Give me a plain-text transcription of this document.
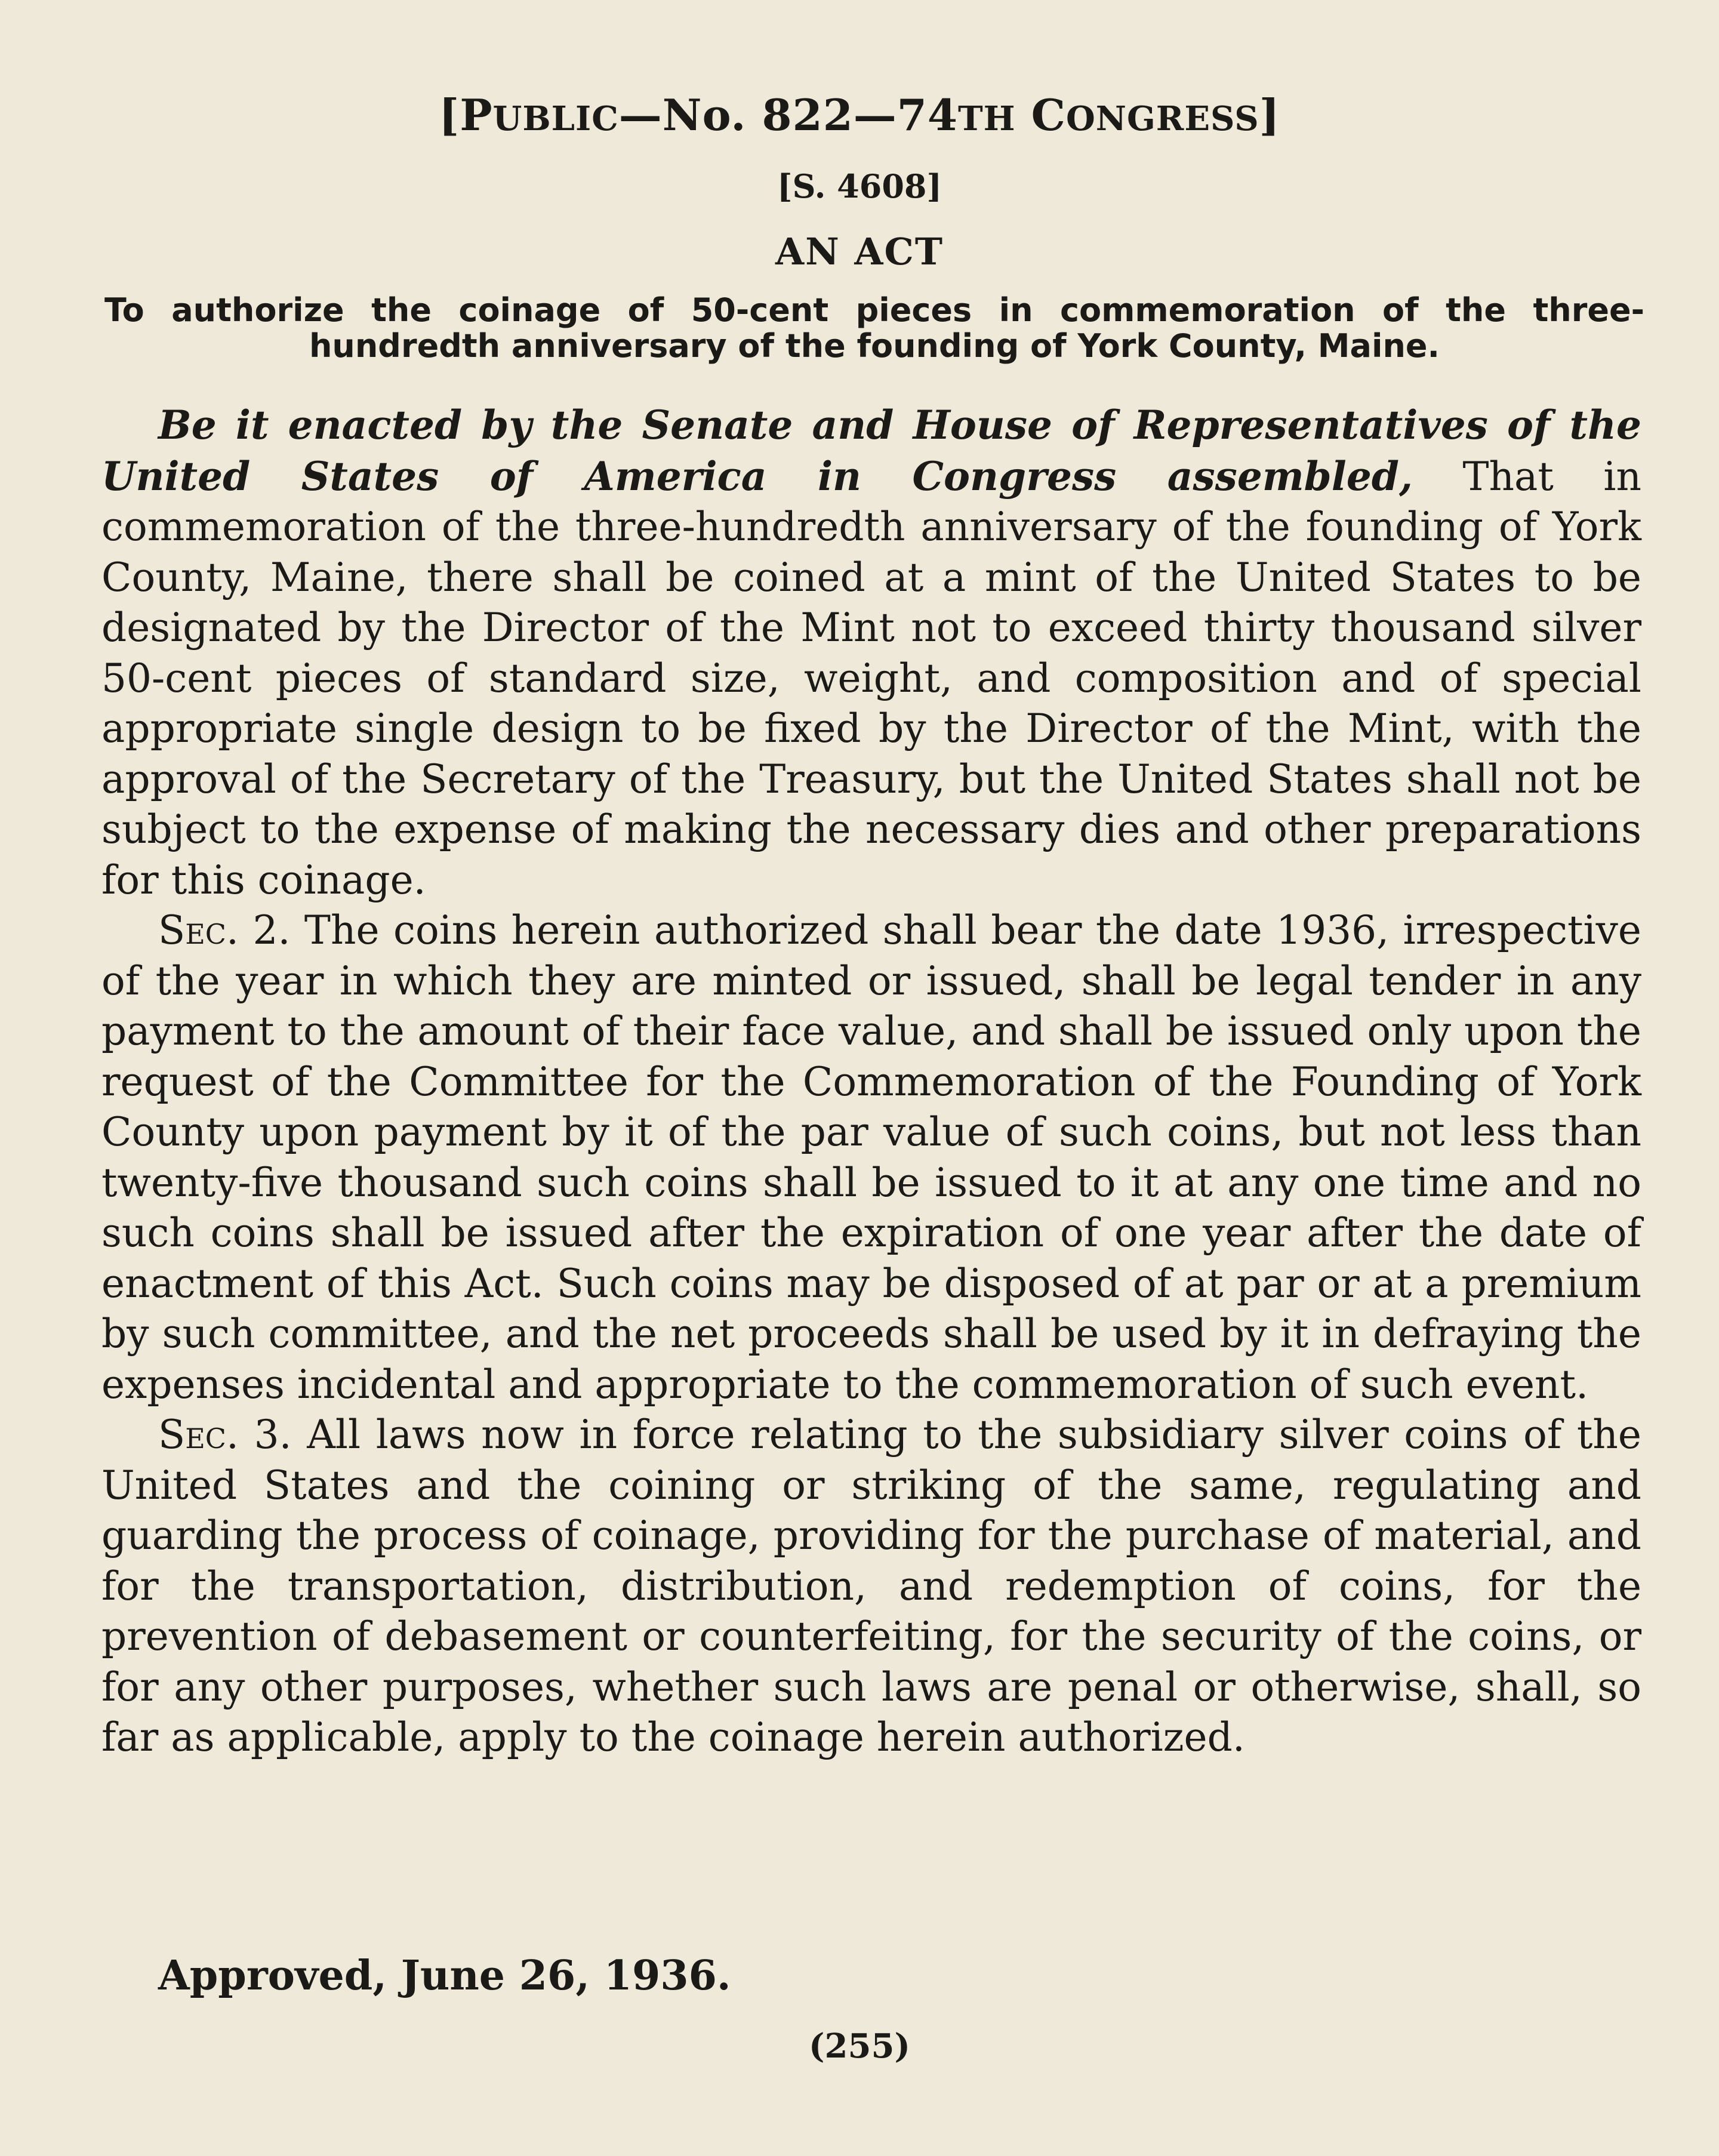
[PUBLIC—No. 822—74TH CONGRESS]
[S. 4608]
AN ACT
To authorize the coinage of 50-cent pieces in commemoration of the three-
hundredth anniversary of the founding of York County, Maine.

Be it enacted by the Senate and House of Representatives of the United States of America in Congress assembled, That in commemoration of the three-hundredth anniversary of the founding of York County, Maine, there shall be coined at a mint of the United States to be designated by the Director of the Mint not to exceed thirty thousand silver 50-cent pieces of standard size, weight, and composition and of special appropriate single design to be fixed by the Director of the Mint, with the approval of the Secretary of the Treasury, but the United States shall not be subject to the expense of making the necessary dies and other preparations for this coinage.

Sec. 2. The coins herein authorized shall bear the date 1936, irrespective of the year in which they are minted or issued, shall be legal tender in any payment to the amount of their face value, and shall be issued only upon the request of the Committee for the Commemoration of the Founding of York County upon payment by it of the par value of such coins, but not less than twenty-five thousand such coins shall be issued to it at any one time and no such coins shall be issued after the expiration of one year after the date of enactment of this Act. Such coins may be disposed of at par or at a premium by such committee, and the net proceeds shall be used by it in defraying the expenses incidental and appropriate to the commemoration of such event.

Sec. 3. All laws now in force relating to the subsidiary silver coins of the United States and the coining or striking of the same, regulating and guarding the process of coinage, providing for the purchase of material, and for the transportation, distribution, and redemption of coins, for the prevention of debasement or counterfeiting, for the security of the coins, or for any other purposes, whether such laws are penal or otherwise, shall, so far as applicable, apply to the coinage herein authorized.

Approved, June 26, 1936.
(255)
